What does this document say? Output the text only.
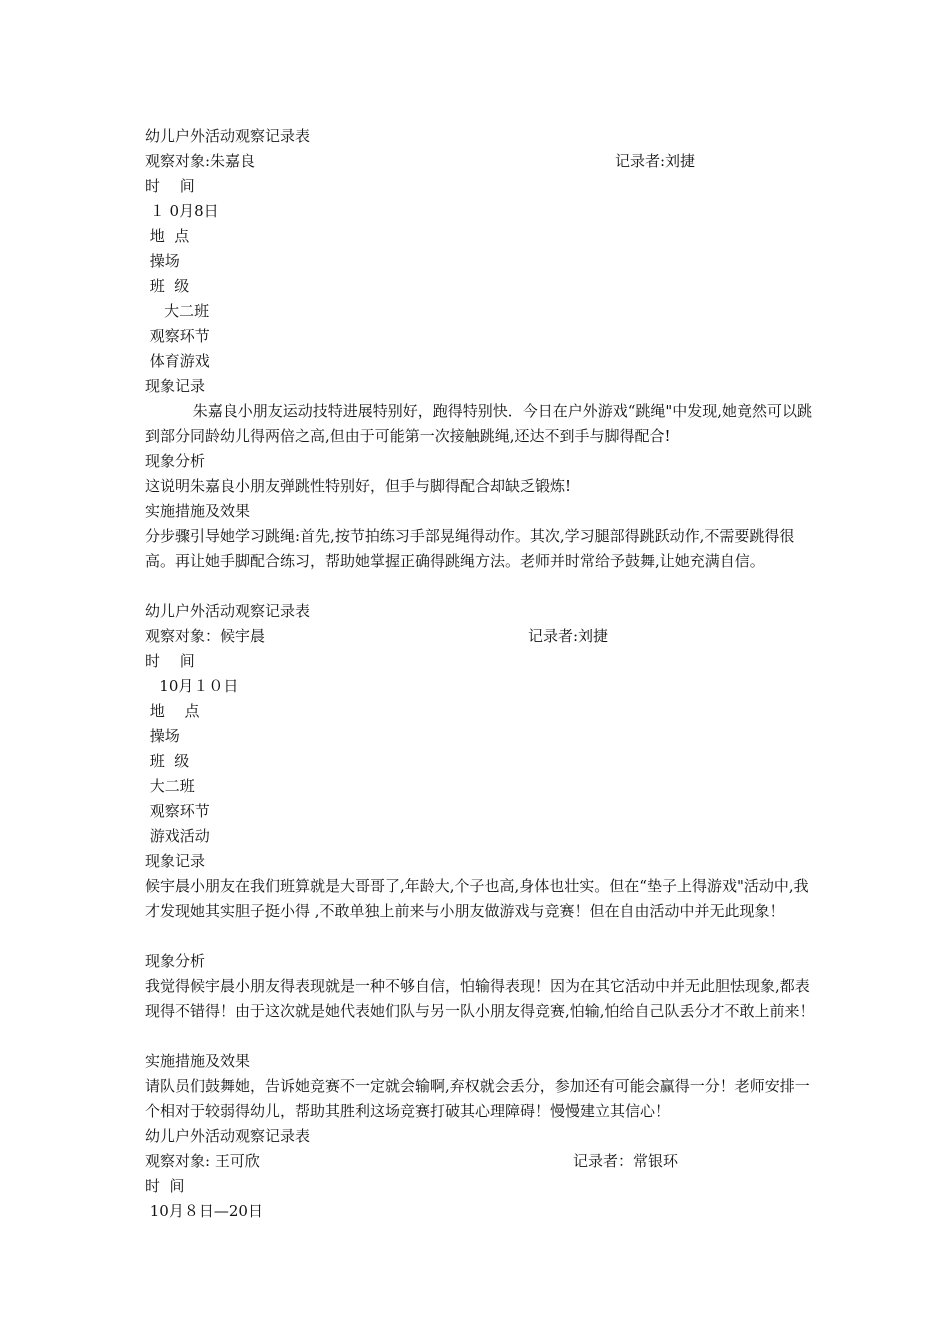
幼儿户外活动观察记录表
观察对象:朱嘉良	记录者:刘捷
时　 间
１ 0月8日
地  点
操场
班  级
大二班
观察环节
体育游戏
现象记录
朱嘉良小朋友运动技特进展特别好，跑得特别快．今日在户外游戏“跳绳"中发现,她竟然可以跳到部分同龄幼儿得两倍之高,但由于可能第一次接触跳绳,还达不到手与脚得配合!
现象分析
这说明朱嘉良小朋友弹跳性特别好，但手与脚得配合却缺乏锻炼!
实施措施及效果
分步骤引导她学习跳绳:首先,按节拍练习手部晃绳得动作。其次,学习腿部得跳跃动作,不需要跳得很高。再让她手脚配合练习，帮助她掌握正确得跳绳方法。老师并时常给予鼓舞,让她充满自信。
幼儿户外活动观察记录表
观察对象：候宇晨	记录者:刘捷
时　 间
10月１０日
地　 点
操场
班  级
大二班
观察环节
游戏活动
现象记录
候宇晨小朋友在我们班算就是大哥哥了,年龄大,个子也高,身体也壮实。但在“垫子上得游戏"活动中,我才发现她其实胆子挺小得 ,不敢单独上前来与小朋友做游戏与竞赛！但在自由活动中并无此现象！
现象分析
我觉得候宇晨小朋友得表现就是一种不够自信，怕输得表现！因为在其它活动中并无此胆怯现象,都表现得不错得！由于这次就是她代表她们队与另一队小朋友得竞赛,怕输,怕给自己队丢分才不敢上前来！
实施措施及效果
请队员们鼓舞她，告诉她竞赛不一定就会输啊,弃权就会丢分，参加还有可能会赢得一分！老师安排一个相对于较弱得幼儿，帮助其胜利这场竞赛打破其心理障碍！慢慢建立其信心！
幼儿户外活动观察记录表
观察对象: 王可欣	记录者：常银环
时  间
10月８日—20日
